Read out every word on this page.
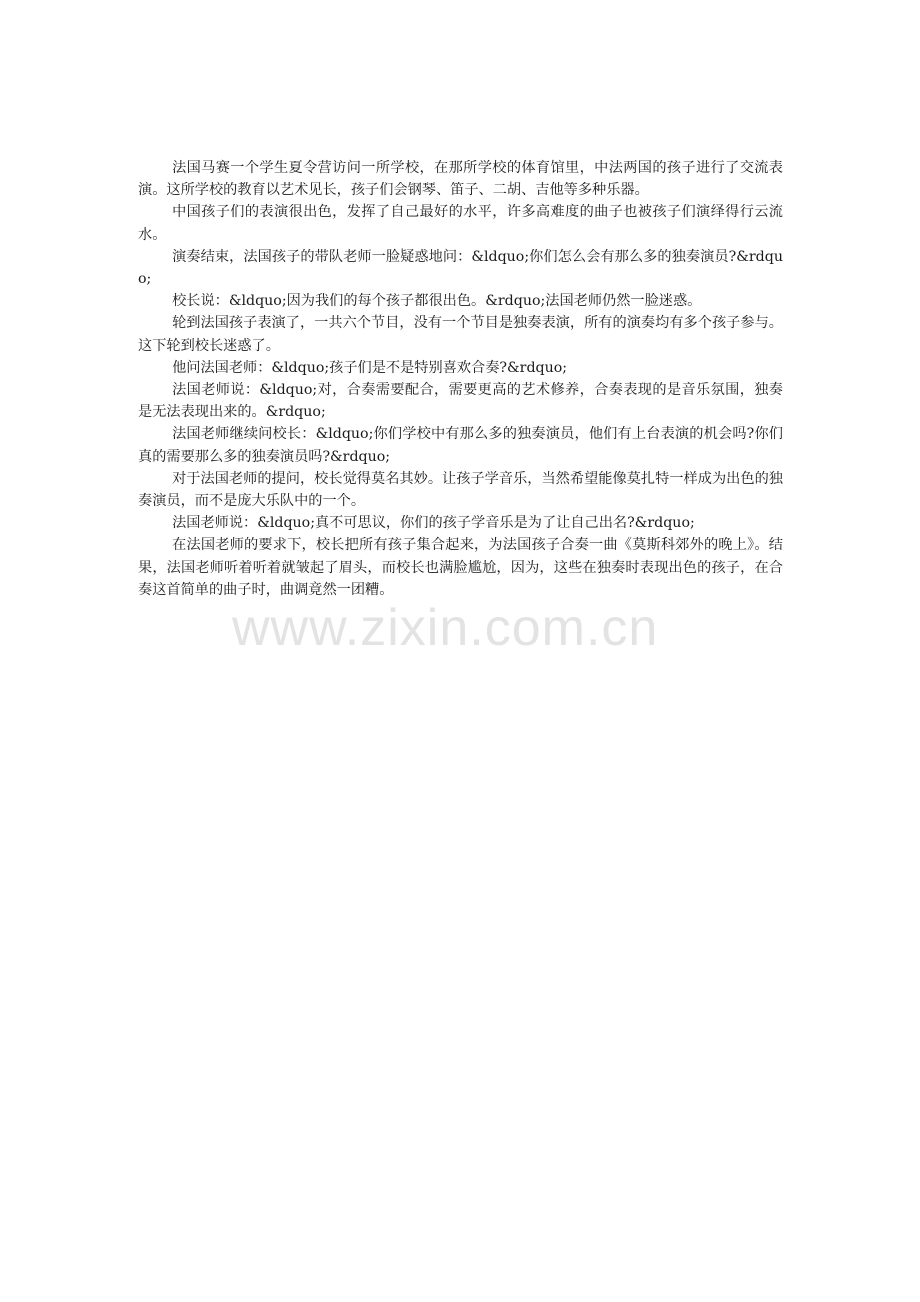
法国马赛一个学生夏令营访问一所学校，在那所学校的体育馆里，中法两国的孩子进行了交流表演。这所学校的教育以艺术见长，孩子们会钢琴、笛子、二胡、吉他等多种乐器。

中国孩子们的表演很出色，发挥了自己最好的水平，许多高难度的曲子也被孩子们演绎得行云流水。

演奏结束，法国孩子的带队老师一脸疑惑地问：&ldquo;你们怎么会有那么多的独奏演员?&rdquo;

校长说：&ldquo;因为我们的每个孩子都很出色。&rdquo;法国老师仍然一脸迷惑。

轮到法国孩子表演了，一共六个节目，没有一个节目是独奏表演，所有的演奏均有多个孩子参与。这下轮到校长迷惑了。

他问法国老师：&ldquo;孩子们是不是特别喜欢合奏?&rdquo;

法国老师说：&ldquo;对，合奏需要配合，需要更高的艺术修养，合奏表现的是音乐氛围，独奏是无法表现出来的。&rdquo;

法国老师继续问校长：&ldquo;你们学校中有那么多的独奏演员，他们有上台表演的机会吗?你们真的需要那么多的独奏演员吗?&rdquo;

对于法国老师的提问，校长觉得莫名其妙。让孩子学音乐，当然希望能像莫扎特一样成为出色的独奏演员，而不是庞大乐队中的一个。

法国老师说：&ldquo;真不可思议，你们的孩子学音乐是为了让自己出名?&rdquo;

在法国老师的要求下，校长把所有孩子集合起来，为法国孩子合奏一曲《莫斯科郊外的晚上》。结果，法国老师听着听着就皱起了眉头，而校长也满脸尴尬，因为，这些在独奏时表现出色的孩子，在合奏这首简单的曲子时，曲调竟然一团糟。

www.zixin.com.cn
